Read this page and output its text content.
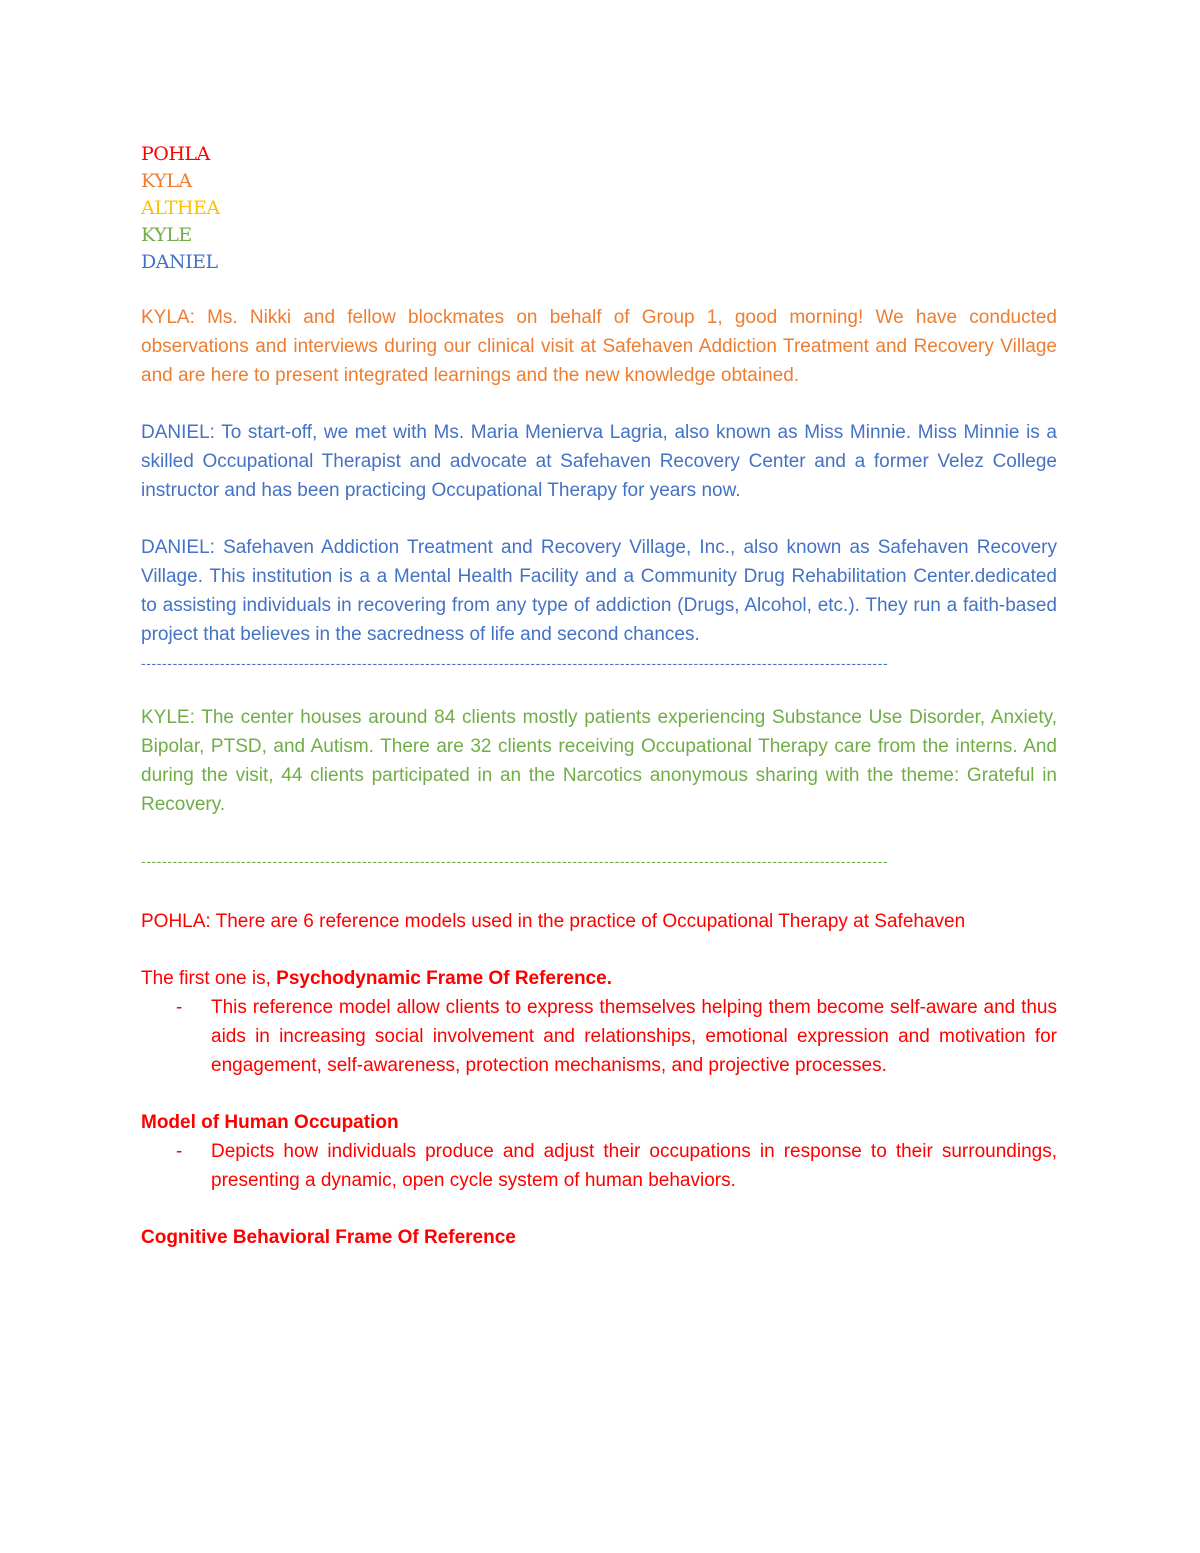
POHLA
KYLA
ALTHEA
KYLE
DANIEL

KYLA: Ms. Nikki and fellow blockmates on behalf of Group 1, good morning! We have conducted observations and interviews during our clinical visit at Safehaven Addiction Treatment and Recovery Village and are here to present integrated learnings and the new knowledge obtained.

DANIEL: To start-off, we met with Ms. Maria Menierva Lagria, also known as Miss Minnie. Miss Minnie is a skilled Occupational Therapist and advocate at Safehaven Recovery Center and a former Velez College instructor and has been practicing Occupational Therapy for years now.

DANIEL: Safehaven Addiction Treatment and Recovery Village, Inc., also known as Safehaven Recovery Village. This institution is a a Mental Health Facility and a Community Drug Rehabilitation Center.dedicated to assisting individuals in recovering from any type of addiction (Drugs, Alcohol, etc.). They run a faith-based project that believes in the sacredness of life and second chances.

----------------------------------------------------------------------------------------------------------------------------------------------

KYLE: The center houses around 84 clients mostly patients experiencing Substance Use Disorder, Anxiety, Bipolar, PTSD, and Autism. There are 32 clients receiving Occupational Therapy care from the interns. And during the visit, 44 clients participated in an the Narcotics anonymous sharing with the theme: Grateful in Recovery.

----------------------------------------------------------------------------------------------------------------------------------------------

POHLA: There are 6 reference models used in the practice of Occupational Therapy at Safehaven

The first one is, Psychodynamic Frame Of Reference.

-	This reference model allow clients to express themselves helping them become self-aware and thus aids in increasing social involvement and relationships, emotional expression and motivation for engagement, self-awareness, protection mechanisms, and projective processes.

Model of Human Occupation

-	Depicts how individuals produce and adjust their occupations in response to their surroundings, presenting a dynamic, open cycle system of human behaviors.

Cognitive Behavioral Frame Of Reference
